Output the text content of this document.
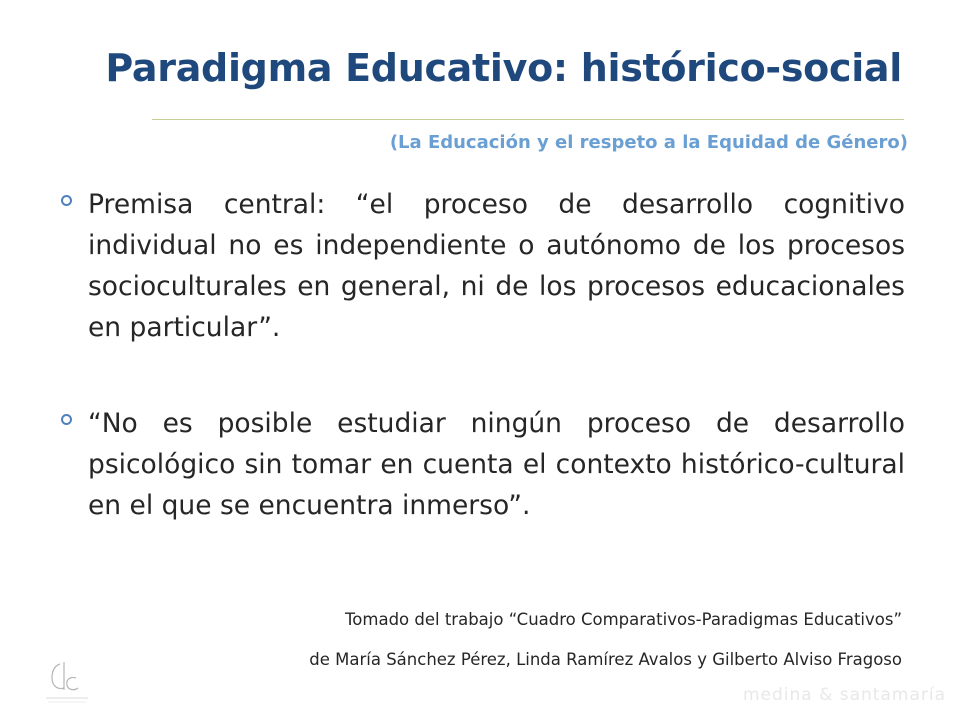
Paradigma Educativo: histórico-social
(La Educación y el respeto a la Equidad de Género)
Premisa central: “el proceso de desarrollo cognitivo individual no es independiente o autónomo de los procesos socioculturales en general, ni de los procesos educacionales en particular”.
“No es posible estudiar ningún proceso de desarrollo psicológico sin tomar en cuenta el contexto histórico-cultural en el que se encuentra inmerso”.
Tomado del trabajo “Cuadro Comparativos-Paradigmas Educativos”
de María Sánchez Pérez, Linda Ramírez Avalos y Gilberto Alviso Fragoso
medina & santamaría
